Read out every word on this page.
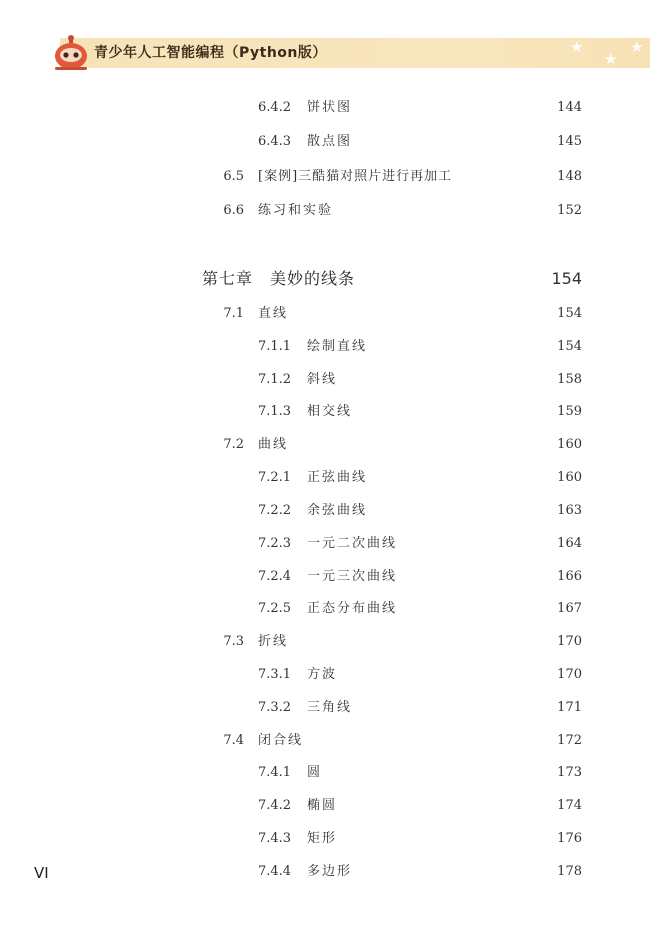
青少年人工智能编程（Python版）	★
★
★
6.4.2 饼状图	144
6.4.3 散点图	145
6.5 [案例]三酷猫对照片进行再加工	148
6.6 练习和实验	152
第七章　美妙的线条	154
7.1 直线	154
7.1.1 绘制直线	154
7.1.2 斜线	158
7.1.3 相交线	159
7.2 曲线	160
7.2.1 正弦曲线	160
7.2.2 余弦曲线	163
7.2.3 一元二次曲线	164
7.2.4 一元三次曲线	166
7.2.5 正态分布曲线	167
7.3 折线	170
7.3.1 方波	170
7.3.2 三角线	171
7.4 闭合线	172
7.4.1 圆	173
7.4.2 椭圆	174
7.4.3 矩形	176
7.4.4 多边形	178
VI
